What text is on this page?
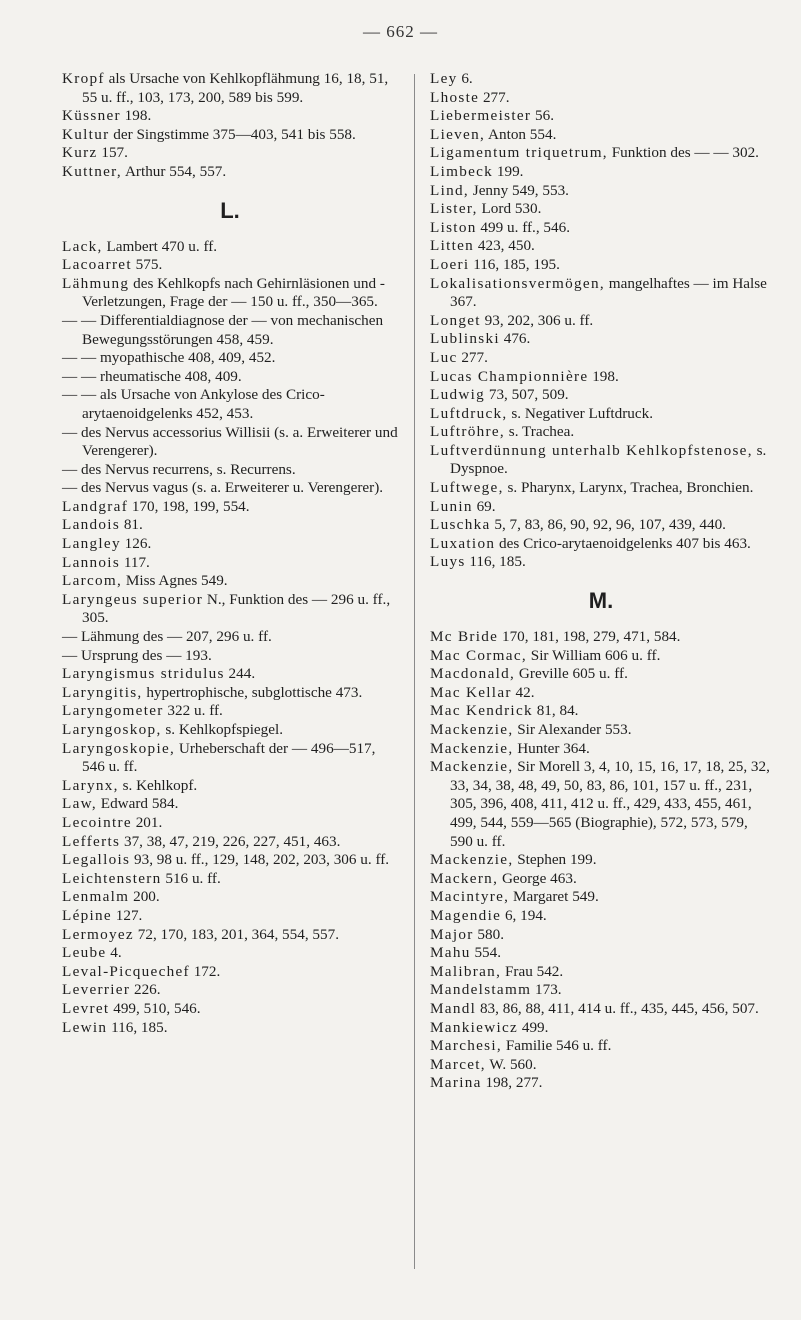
— 662 —

Kropf als Ursache von Kehlkopflähmung 16, 18, 51, 55 u. ff., 103, 173, 200, 589 bis 599.

Küssner 198.

Kultur der Singstimme 375—403, 541 bis 558.

Kurz 157.

Kuttner, Arthur 554, 557.

L.

Lack, Lambert 470 u. ff.

Lacoarret 575.

Lähmung des Kehlkopfs nach Gehirnläsionen und -Verletzungen, Frage der — 150 u. ff., 350—365.

— — Differentialdiagnose der — von mechanischen Bewegungsstörungen 458, 459.

— — myopathische 408, 409, 452.

— — rheumatische 408, 409.

— — als Ursache von Ankylose des Crico-arytaenoidgelenks 452, 453.

— des Nervus accessorius Willisii (s. a. Erweiterer und Verengerer).

— des Nervus recurrens, s. Recurrens.

— des Nervus vagus (s. a. Erweiterer u. Verengerer).

Landgraf 170, 198, 199, 554.

Landois 81.

Langley 126.

Lannois 117.

Larcom, Miss Agnes 549.

Laryngeus superior N., Funktion des — 296 u. ff., 305.

— Lähmung des — 207, 296 u. ff.

— Ursprung des — 193.

Laryngismus stridulus 244.

Laryngitis, hypertrophische, subglottische 473.

Laryngometer 322 u. ff.

Laryngoskop, s. Kehlkopfspiegel.

Laryngoskopie, Urheberschaft der — 496—517, 546 u. ff.

Larynx, s. Kehlkopf.

Law, Edward 584.

Lecointre 201.

Lefferts 37, 38, 47, 219, 226, 227, 451, 463.

Legallois 93, 98 u. ff., 129, 148, 202, 203, 306 u. ff.

Leichtenstern 516 u. ff.

Lenmalm 200.

Lépine 127.

Lermoyez 72, 170, 183, 201, 364, 554, 557.

Leube 4.

Leval-Picquechef 172.

Leverrier 226.

Levret 499, 510, 546.

Lewin 116, 185.

Ley 6.

Lhoste 277.

Liebermeister 56.

Lieven, Anton 554.

Ligamentum triquetrum, Funktion des — — 302.

Limbeck 199.

Lind, Jenny 549, 553.

Lister, Lord 530.

Liston 499 u. ff., 546.

Litten 423, 450.

Loeri 116, 185, 195.

Lokalisationsvermögen, mangelhaftes — im Halse 367.

Longet 93, 202, 306 u. ff.

Lublinski 476.

Luc 277.

Lucas Championnière 198.

Ludwig 73, 507, 509.

Luftdruck, s. Negativer Luftdruck.

Luftröhre, s. Trachea.

Luftverdünnung unterhalb Kehlkopfstenose, s. Dyspnoe.

Luftwege, s. Pharynx, Larynx, Trachea, Bronchien.

Lunin 69.

Luschka 5, 7, 83, 86, 90, 92, 96, 107, 439, 440.

Luxation des Crico-arytaenoidgelenks 407 bis 463.

Luys 116, 185.

M.

Mc Bride 170, 181, 198, 279, 471, 584.

Mac Cormac, Sir William 606 u. ff.

Macdonald, Greville 605 u. ff.

Mac Kellar 42.

Mac Kendrick 81, 84.

Mackenzie, Sir Alexander 553.

Mackenzie, Hunter 364.

Mackenzie, Sir Morell 3, 4, 10, 15, 16, 17, 18, 25, 32, 33, 34, 38, 48, 49, 50, 83, 86, 101, 157 u. ff., 231, 305, 396, 408, 411, 412 u. ff., 429, 433, 455, 461, 499, 544, 559—565 (Biographie), 572, 573, 579, 590 u. ff.

Mackenzie, Stephen 199.

Mackern, George 463.

Macintyre, Margaret 549.

Magendie 6, 194.

Major 580.

Mahu 554.

Malibran, Frau 542.

Mandelstamm 173.

Mandl 83, 86, 88, 411, 414 u. ff., 435, 445, 456, 507.

Mankiewicz 499.

Marchesi, Familie 546 u. ff.

Marcet, W. 560.

Marina 198, 277.
